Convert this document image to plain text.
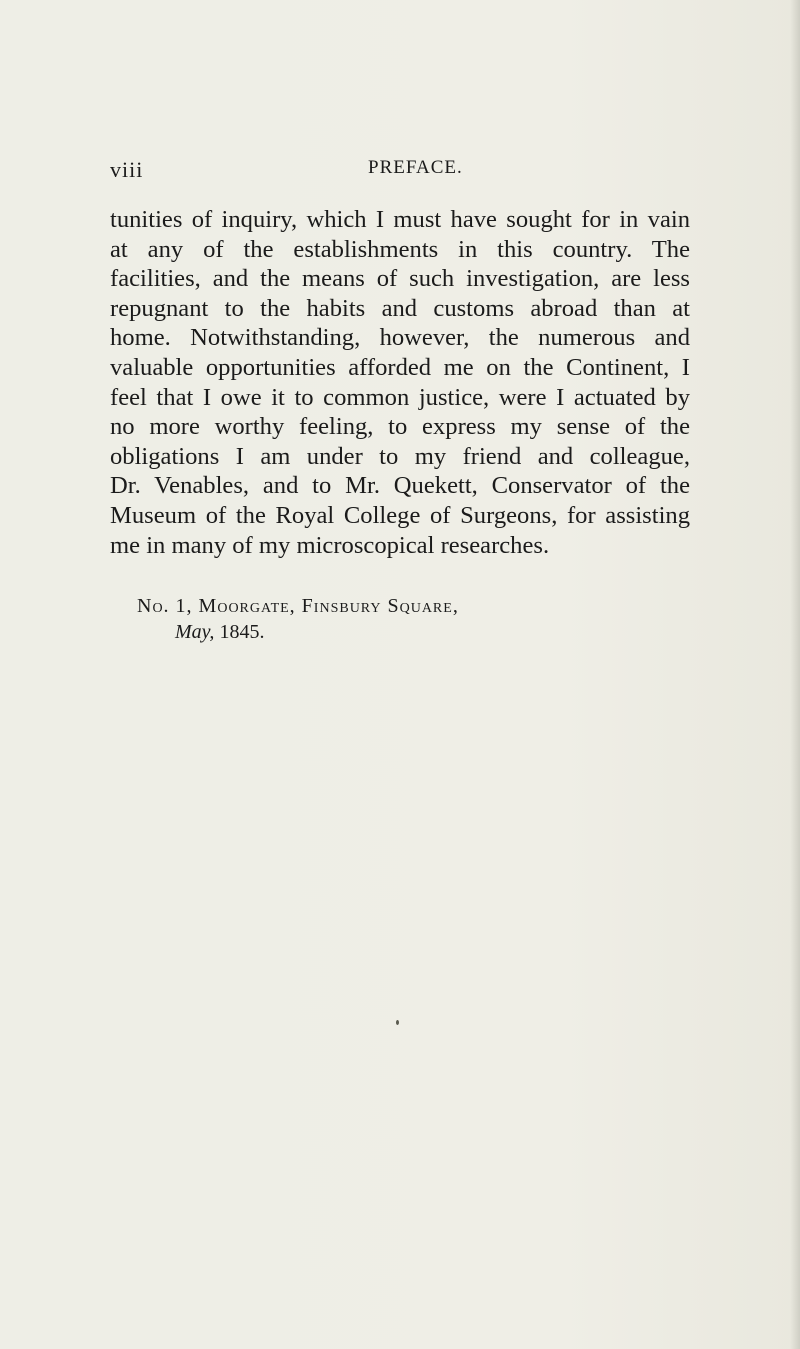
viii	PREFACE.
tunities of inquiry, which I must have sought for in vain
at any of the establishments in this country. The
facilities, and the means of such investigation, are less
repugnant to the habits and customs abroad than at
home. Notwithstanding, however, the numerous and
valuable opportunities afforded me on the Continent, I
feel that I owe it to common justice, were I actuated by
no more worthy feeling, to express my sense of the
obligations I am under to my friend and colleague,
Dr. Venables, and to Mr. Quekett, Conservator of the
Museum of the Royal College of Surgeons, for assisting
me in many of my microscopical researches.
No. 1, Moorgate, Finsbury Square,
May, 1845.
